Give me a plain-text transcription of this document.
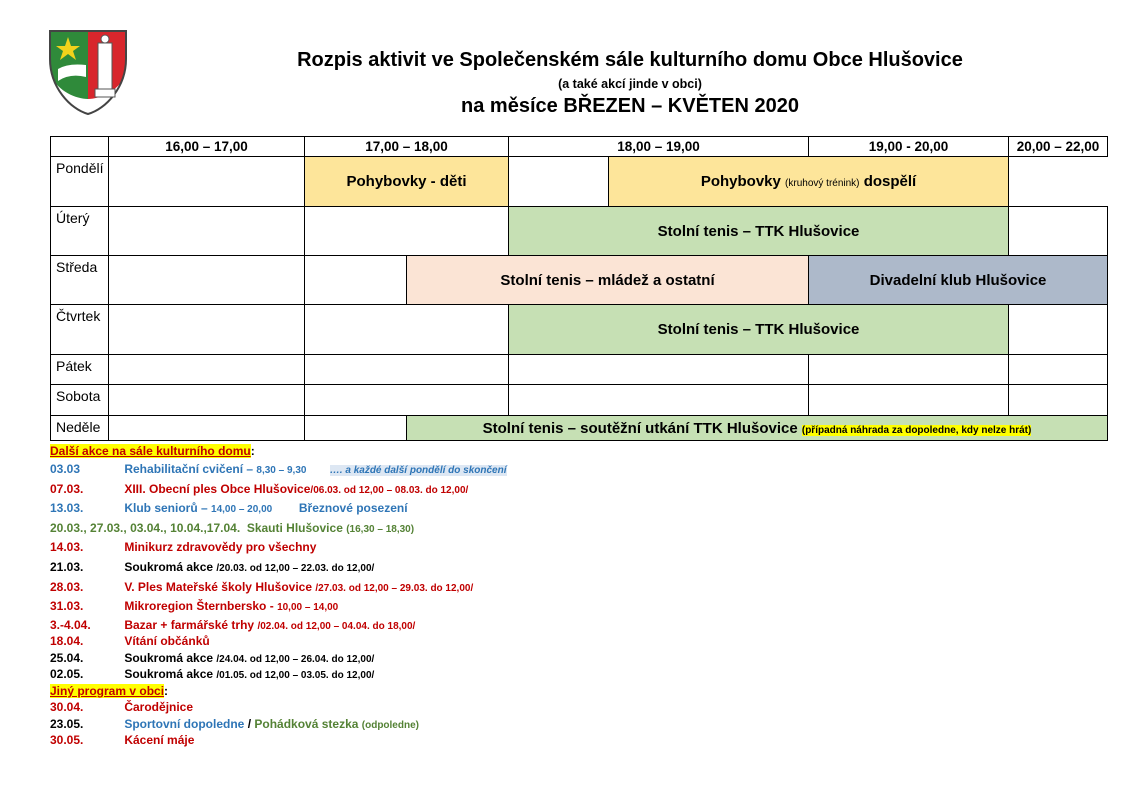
Rozpis aktivit ve Společenském sále kulturního domu Obce Hlušovice
(a také akcí jinde v obci)
na měsíce BŘEZEN – KVĚTEN 2020
	16,00 – 17,00	17,00 – 18,00		18,00 – 19,00		19,00 - 20,00	20,00 – 22,00
Pondělí		Pohybovky - děti			Pohybovky (kruhový trénink) dospělí	
Úterý				Stolní tenis – TTK Hlušovice			
Středa			Stolní tenis – mládež a ostatní			Divadelní klub Hlušovice	
Čtvrtek				Stolní tenis – TTK Hlušovice			
Pátek							
Sobota							
Neděle			Stolní tenis – soutěžní utkání TTK Hlušovice (případná náhrada za dopoledne, kdy nelze hrát)				
Další akce na sále kulturního domu:
03.03	Rehabilitační cvičení – 8,30 – 9,30 …. a každé další pondělí do skončení
07.03.	XIII. Obecní ples Obce Hlušovice/06.03. od 12,00 – 08.03. do 12,00/
13.03.	Klub seniorů – 14,00 – 20,00 Březnové posezení
20.03., 27.03., 03.04., 10.04.,17.04. Skauti Hlušovice (16,30 – 18,30)
14.03.	Minikurz zdravovědy pro všechny
21.03.	Soukromá akce /20.03. od 12,00 – 22.03. do 12,00/
28.03.	V. Ples Mateřské školy Hlušovice /27.03. od 12,00 – 29.03. do 12,00/
31.03.	Mikroregion Šternbersko - 10,00 – 14,00
3.-4.04.	Bazar + farmářské trhy /02.04. od 12,00 – 04.04. do 18,00/
18.04.	Vítání občánků
25.04.	Soukromá akce /24.04. od 12,00 – 26.04. do 12,00/
02.05.	Soukromá akce /01.05. od 12,00 – 03.05. do 12,00/
Jiný program v obci:
30.04.	Čarodějnice
23.05.	Sportovní dopoledne / Pohádková stezka (odpoledne)
30.05.	Kácení máje
